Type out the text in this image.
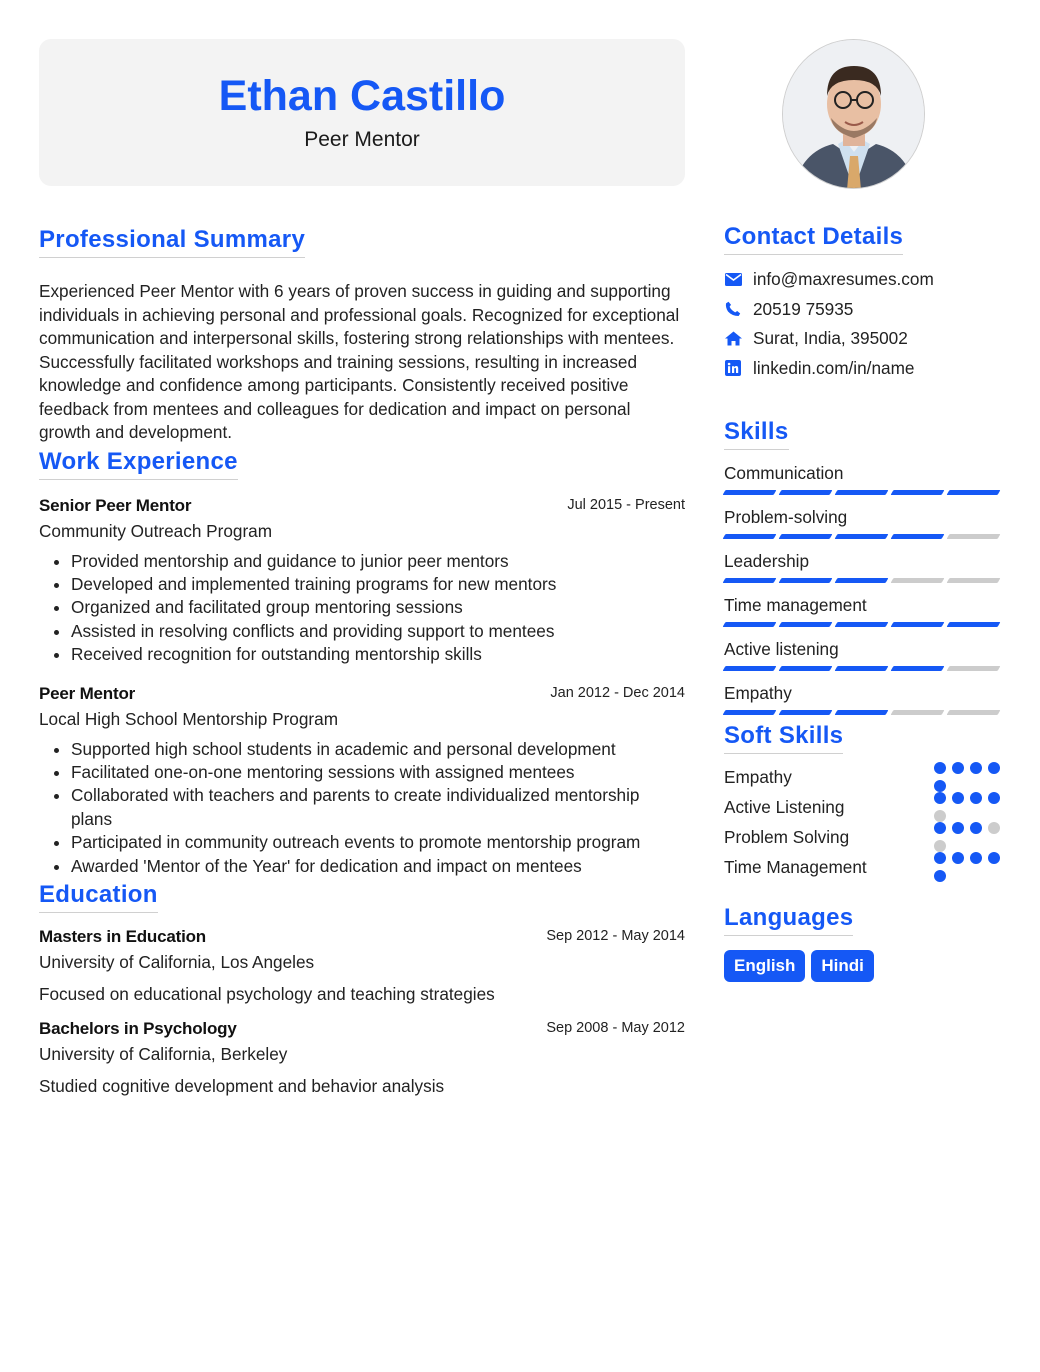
Ethan Castillo
Peer Mentor
Professional Summary

Experienced Peer Mentor with 6 years of proven success in guiding and supporting individuals in achieving personal and professional goals. Recognized for exceptional communication and interpersonal skills, fostering strong relationships with mentees. Successfully facilitated workshops and training sessions, resulting in increased knowledge and confidence among participants. Consistently received positive feedback from mentees and colleagues for dedication and impact on personal growth and development.

Work Experience
Senior Peer Mentor	Jul 2015 - Present
Community Outreach Program
• Provided mentorship and guidance to junior peer mentors
• Developed and implemented training programs for new mentors
• Organized and facilitated group mentoring sessions
• Assisted in resolving conflicts and providing support to mentees
• Received recognition for outstanding mentorship skills
Peer Mentor	Jan 2012 - Dec 2014
Local High School Mentorship Program
• Supported high school students in academic and personal development
• Facilitated one-on-one mentoring sessions with assigned mentees
• Collaborated with teachers and parents to create individualized mentorship plans
• Participated in community outreach events to promote mentorship program
• Awarded 'Mentor of the Year' for dedication and impact on mentees
Education
Masters in Education	Sep 2012 - May 2014
University of California, Los Angeles
Focused on educational psychology and teaching strategies
Bachelors in Psychology	Sep 2008 - May 2012
University of California, Berkeley
Studied cognitive development and behavior analysis
Contact Details
info@maxresumes.com
20519 75935
Surat, India, 395002
linkedin.com/in/name
Skills
Communication
Problem-solving
Leadership
Time management
Active listening
Empathy
Soft Skills
Empathy
Active Listening
Problem Solving
Time Management
Languages
English	Hindi
